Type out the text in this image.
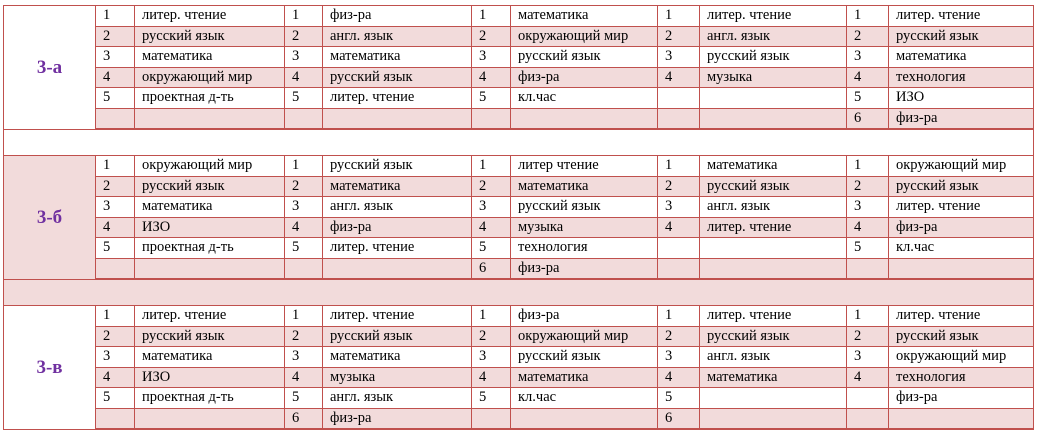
3-а	1	литер. чтение	1	физ-ра	1	математика	1	литер. чтение	1	литер. чтение
	2	русский язык	2	англ. язык	2	окружающий мир	2	англ. язык	2	русский язык
	3	математика	3	математика	3	русский язык	3	русский язык	3	математика
	4	окружающий мир	4	русский язык	4	физ-ра	4	музыка	4	технология
	5	проектная д-ть	5	литер. чтение	5	кл.час			5	ИЗО
									6	физ-ра

3-б	1	окружающий мир	1	русский язык	1	литер чтение	1	математика	1	окружающий мир
	2	русский язык	2	математика	2	математика	2	русский язык	2	русский язык
	3	математика	3	англ. язык	3	русский язык	3	англ. язык	3	литер. чтение
	4	ИЗО	4	физ-ра	4	музыка	4	литер. чтение	4	физ-ра
	5	проектная д-ть	5	литер. чтение	5	технология			5	кл.час
					6	физ-ра				

3-в	1	литер. чтение	1	литер. чтение	1	физ-ра	1	литер. чтение	1	литер. чтение
	2	русский язык	2	русский язык	2	окружающий мир	2	русский язык	2	русский язык
	3	математика	3	математика	3	русский язык	3	англ. язык	3	окружающий мир
	4	ИЗО	4	музыка	4	математика	4	математика	4	технология
	5	проектная д-ть	5	англ. язык	5	кл.час	5			физ-ра
			6	физ-ра			6			
